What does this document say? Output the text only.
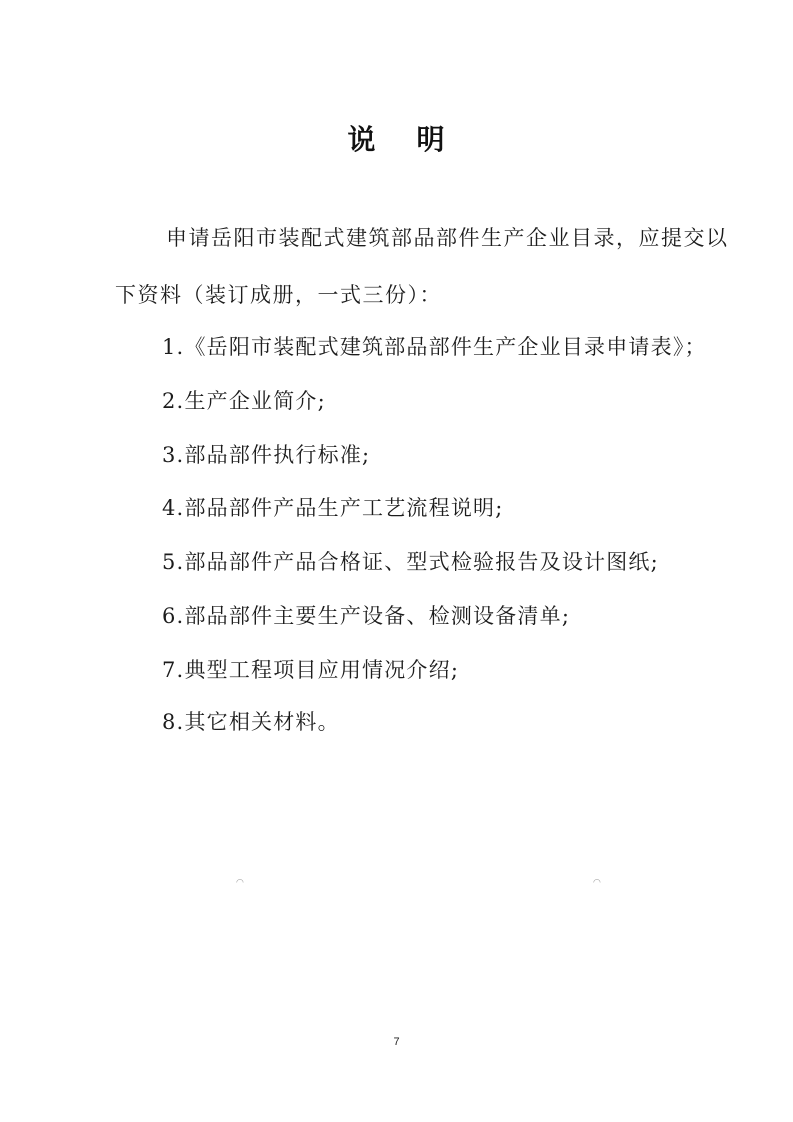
说 明
申请岳阳市装配式建筑部品部件生产企业目录，应提交以
下资料（装订成册，一式三份）：
1.《岳阳市装配式建筑部品部件生产企业目录申请表》；
2.生产企业简介;
3.部品部件执行标准;
4.部品部件产品生产工艺流程说明;
5.部品部件产品合格证、型式检验报告及设计图纸;
6.部品部件主要生产设备、检测设备清单;
7.典型工程项目应用情况介绍;
8.其它相关材料。
◠	◠
7
